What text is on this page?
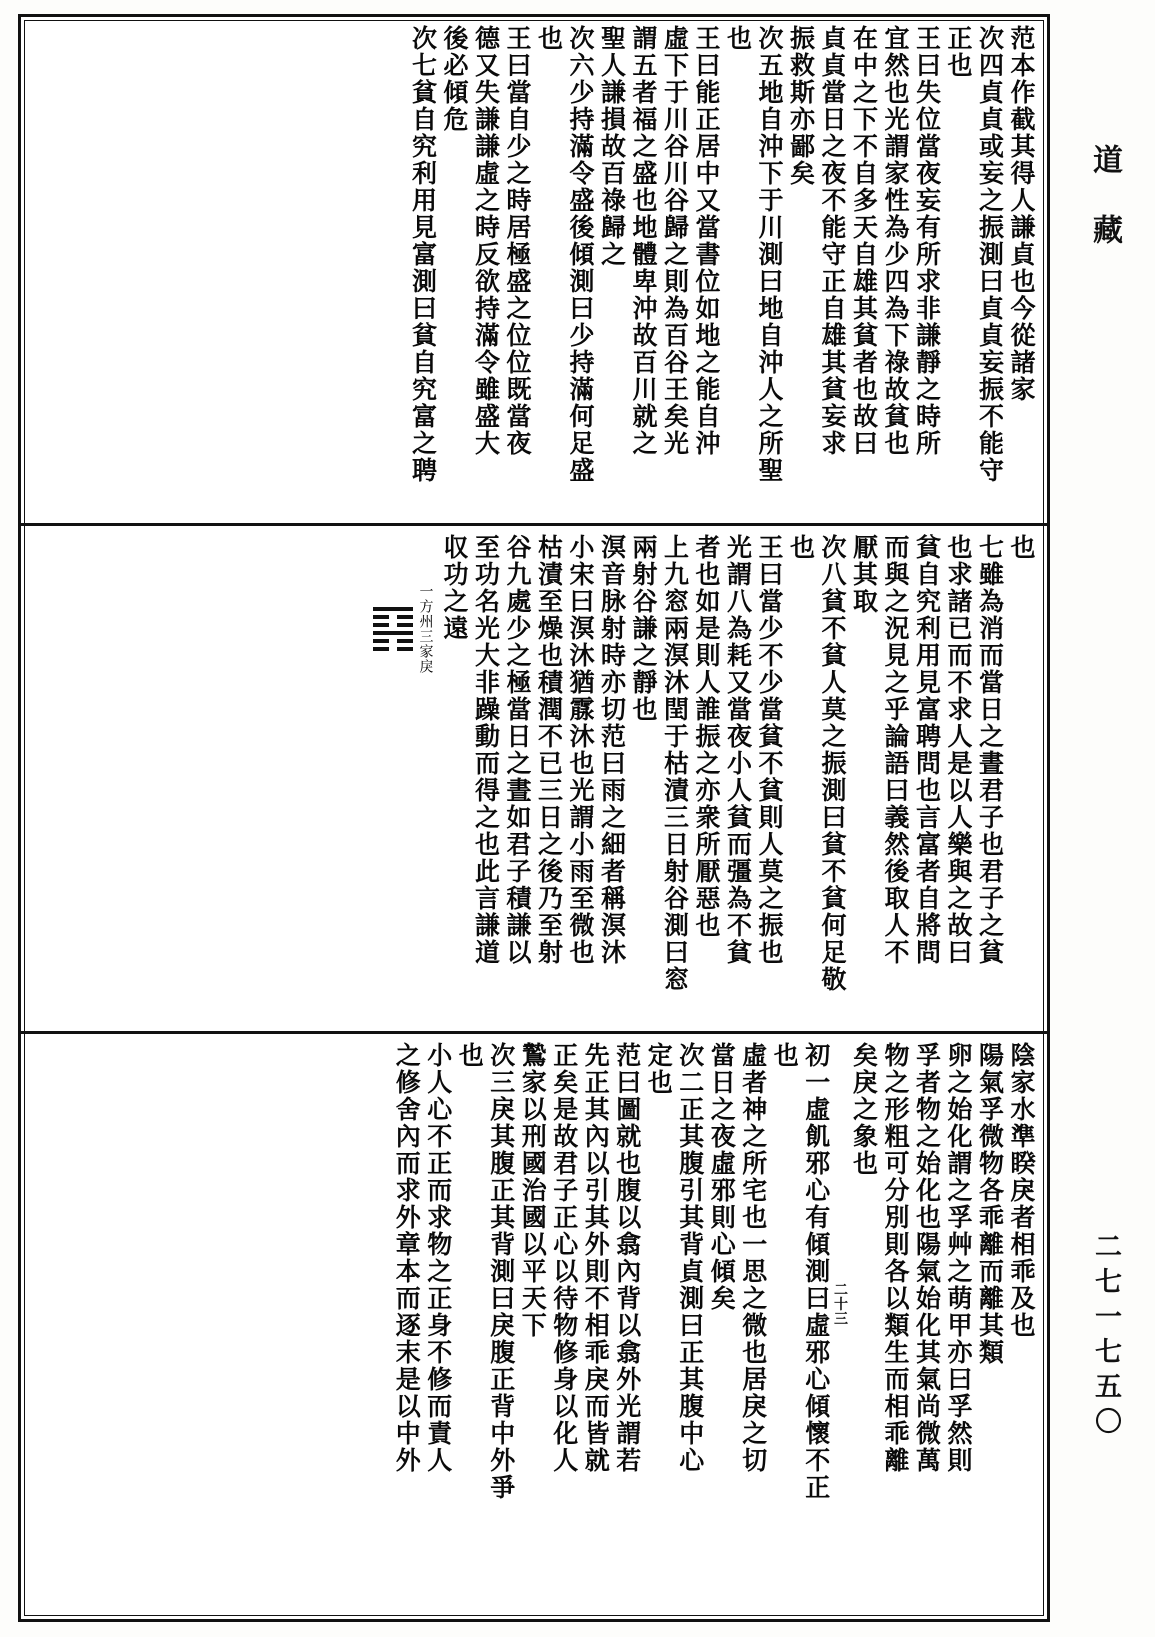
范本作截其得人謙貞也今從諸家
次四貞貞或妄之振測曰貞貞妄振不能守
正也
王曰失位當夜妄有所求非謙靜之時所
宜然也光謂家性為少四為下祿故貧也
在中之下不自多天自雄其貧者也故曰
貞貞當日之夜不能守正自雄其貧妄求
振救斯亦鄙矣
次五地自沖下于川測曰地自沖人之所聖
也
王曰能正居中又當書位如地之能自沖
虛下于川谷川谷歸之則為百谷王矣光
謂五者福之盛也地體卑沖故百川就之
聖人謙損故百祿歸之
次六少持滿令盛後傾測曰少持滿何足盛
也
王曰當自少之時居極盛之位位既當夜
德又失謙謙虛之時反欲持滿令雖盛大
後必傾危
次七貧自究利用見富測曰貧自究富之聘
也
七雖為消而當日之晝君子也君子之貧
也求諸已而不求人是以人樂與之故曰
貧自究利用見富聘問也言富者自將問
而與之況見之乎論語曰義然後取人不
厭其取
次八貧不貧人莫之振測曰貧不貧何足敬
也
王曰當少不少當貧不貧則人莫之振也
光謂八為耗又當夜小人貧而彊為不貧
者也如是則人誰振之亦衆所厭惡也
上九窓兩溟沐閏于枯漬三日射谷測曰窓
兩射谷謙之靜也
溟音脉射時亦切范曰雨之細者稱溟沐
小宋曰溟沐猶霡沐也光謂小雨至微也
枯漬至燥也積潤不已三日之後乃至射
谷九處少之極當日之晝如君子積謙以
至功名光大非躁動而得之也此言謙道
収功之遠
一方州三家戾
陰家水準睽戾者相乖及也
陽氣孚微物各乖離而離其類
卵之始化謂之孚艸之萌甲亦曰孚然則
孚者物之始化也陽氣始化其氣尚微萬
物之形粗可分別則各以類生而相乖離
矣戾之象也
二十三
初一虛飢邪心有傾測曰虛邪心傾懷不正
也
虛者神之所宅也一思之微也居戾之切
當日之夜虛邪則心傾矣
次二正其腹引其背貞測曰正其腹中心
定也
范曰圖就也腹以翕內背以翕外光謂若
先正其內以引其外則不相乖戾而皆就
正矣是故君子正心以待物修身以化人
鷙家以刑國治國以平天下
次三戾其腹正其背測曰戾腹正背中外爭
也
小人心不正而求物之正身不修而責人
之修舍內而求外章本而逐末是以中外
道藏
二七一七五〇
